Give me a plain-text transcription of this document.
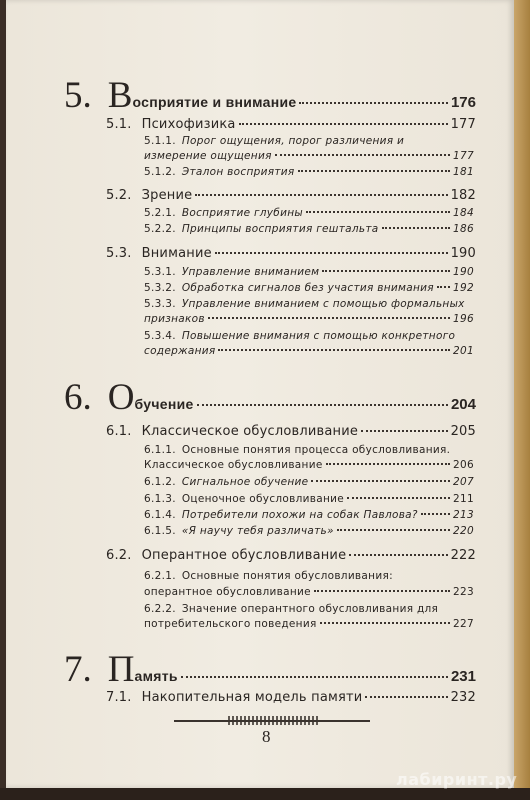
5. В осприятие и внимание	176
5.1. Психофизика	177
5.1.1. Порог ощущения, порог различения и
измерение ощущения	177
5.1.2. Эталон восприятия	181
5.2. Зрение	182
5.2.1. Восприятие глубины	184
5.2.2. Принципы восприятия гештальта	186
5.3. Внимание	190
5.3.1. Управление вниманием	190
5.3.2. Обработка сигналов без участия внимания 192
5.3.3. Управление вниманием с помощью формальных
признаков	196
5.3.4. Повышение внимания с помощью конкретного
содержания	201
6. О бучение	204
6.1. Классическое обусловливание	205
6.1.1. Основные понятия процесса обусловливания.
Классическое обусловливание	206
6.1.2. Сигнальное обучение	207
6.1.3. Оценочное обусловливание	211
6.1.4. Потребители похожи на собак Павлова?	213
6.1.5. «Я научу тебя различать»	220
6.2. Оперантное обусловливание	222
6.2.1. Основные понятия обусловливания:
оперантное обусловливание	223
6.2.2. Значение оперантного обусловливания для
потребительского поведения	227
7. П амять	231
7.1. Накопительная модель памяти	232
8
лабиринт.ру
